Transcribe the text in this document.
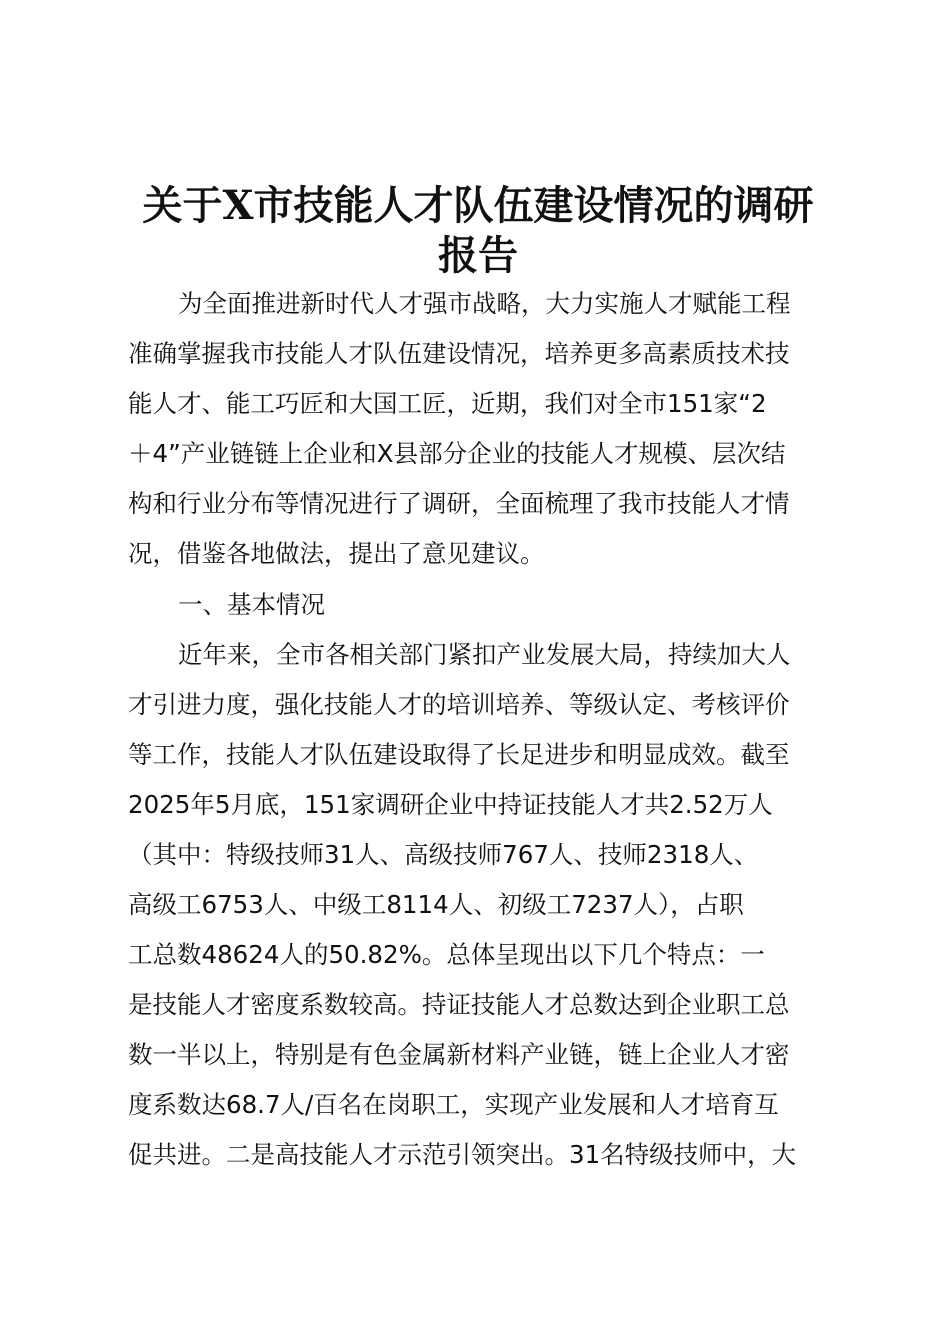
关于X市技能人才队伍建设情况的调研
报告
为全面推进新时代人才强市战略，大力实施人才赋能工程
准确掌握我市技能人才队伍建设情况，培养更多高素质技术技
能人才、能工巧匠和大国工匠，近期，我们对全市151家“2
＋4”产业链链上企业和X县部分企业的技能人才规模、层次结
构和行业分布等情况进行了调研，全面梳理了我市技能人才情
况，借鉴各地做法，提出了意见建议。
一、基本情况
近年来，全市各相关部门紧扣产业发展大局，持续加大人
才引进力度，强化技能人才的培训培养、等级认定、考核评价
等工作，技能人才队伍建设取得了长足进步和明显成效。截至
2025年5月底，151家调研企业中持证技能人才共2.52万人
（其中：特级技师31人、高级技师767人、技师2318人、
高级工6753人、中级工8114人、初级工7237人），占职
工总数48624人的50.82%。总体呈现出以下几个特点：一
是技能人才密度系数较高。持证技能人才总数达到企业职工总
数一半以上，特别是有色金属新材料产业链，链上企业人才密
度系数达68.7人/百名在岗职工，实现产业发展和人才培育互
促共进。二是高技能人才示范引领突出。31名特级技师中，大
